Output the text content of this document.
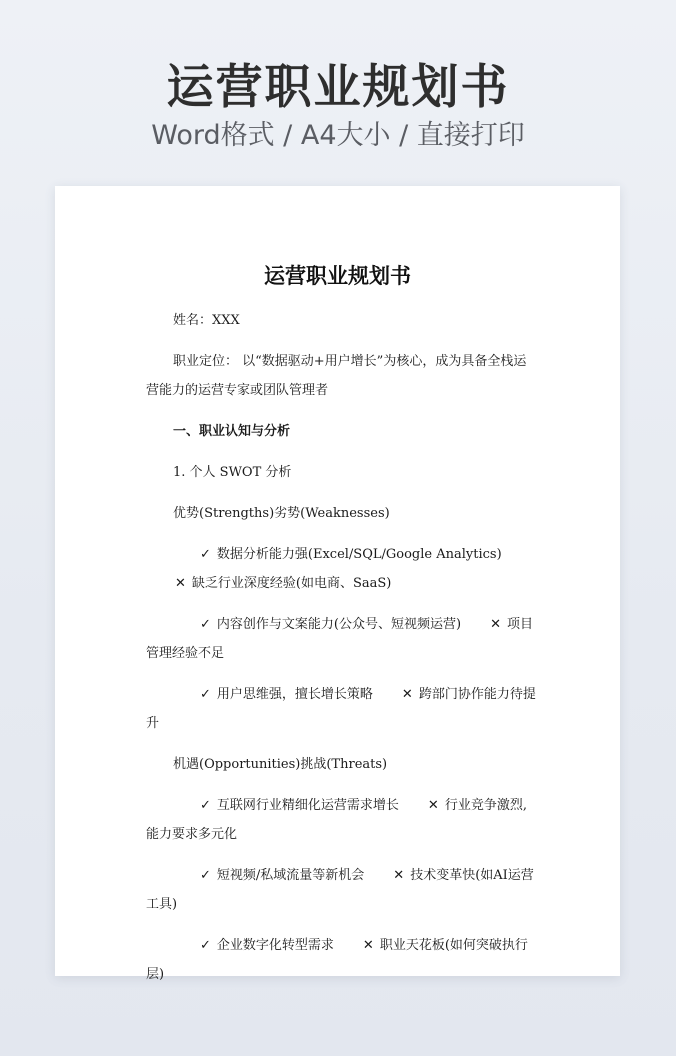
运营职业规划书
Word格式 / A4大小 / 直接打印
运营职业规划书

姓名：XXX

职业定位： 以“数据驱动+用户增长”为核心，成为具备全栈运营能力的运营专家或团队管理者

一、职业认知与分析

1. 个人 SWOT 分析

优势(Strengths)劣势(Weaknesses)

✓ 数据分析能力强(Excel/SQL/Google Analytics)✕ 缺乏行业深度经验(如电商、SaaS)

✓ 内容创作与文案能力(公众号、短视频运营) ✕ 项目管理经验不足

✓ 用户思维强，擅长增长策略 ✕ 跨部门协作能力待提升

机遇(Opportunities)挑战(Threats)

✓ 互联网行业精细化运营需求增长 ✕ 行业竞争激烈,能力要求多元化

✓ 短视频/私域流量等新机会 ✕ 技术变革快(如AI运营工具)

✓ 企业数字化转型需求 ✕ 职业天花板(如何突破执行层)
